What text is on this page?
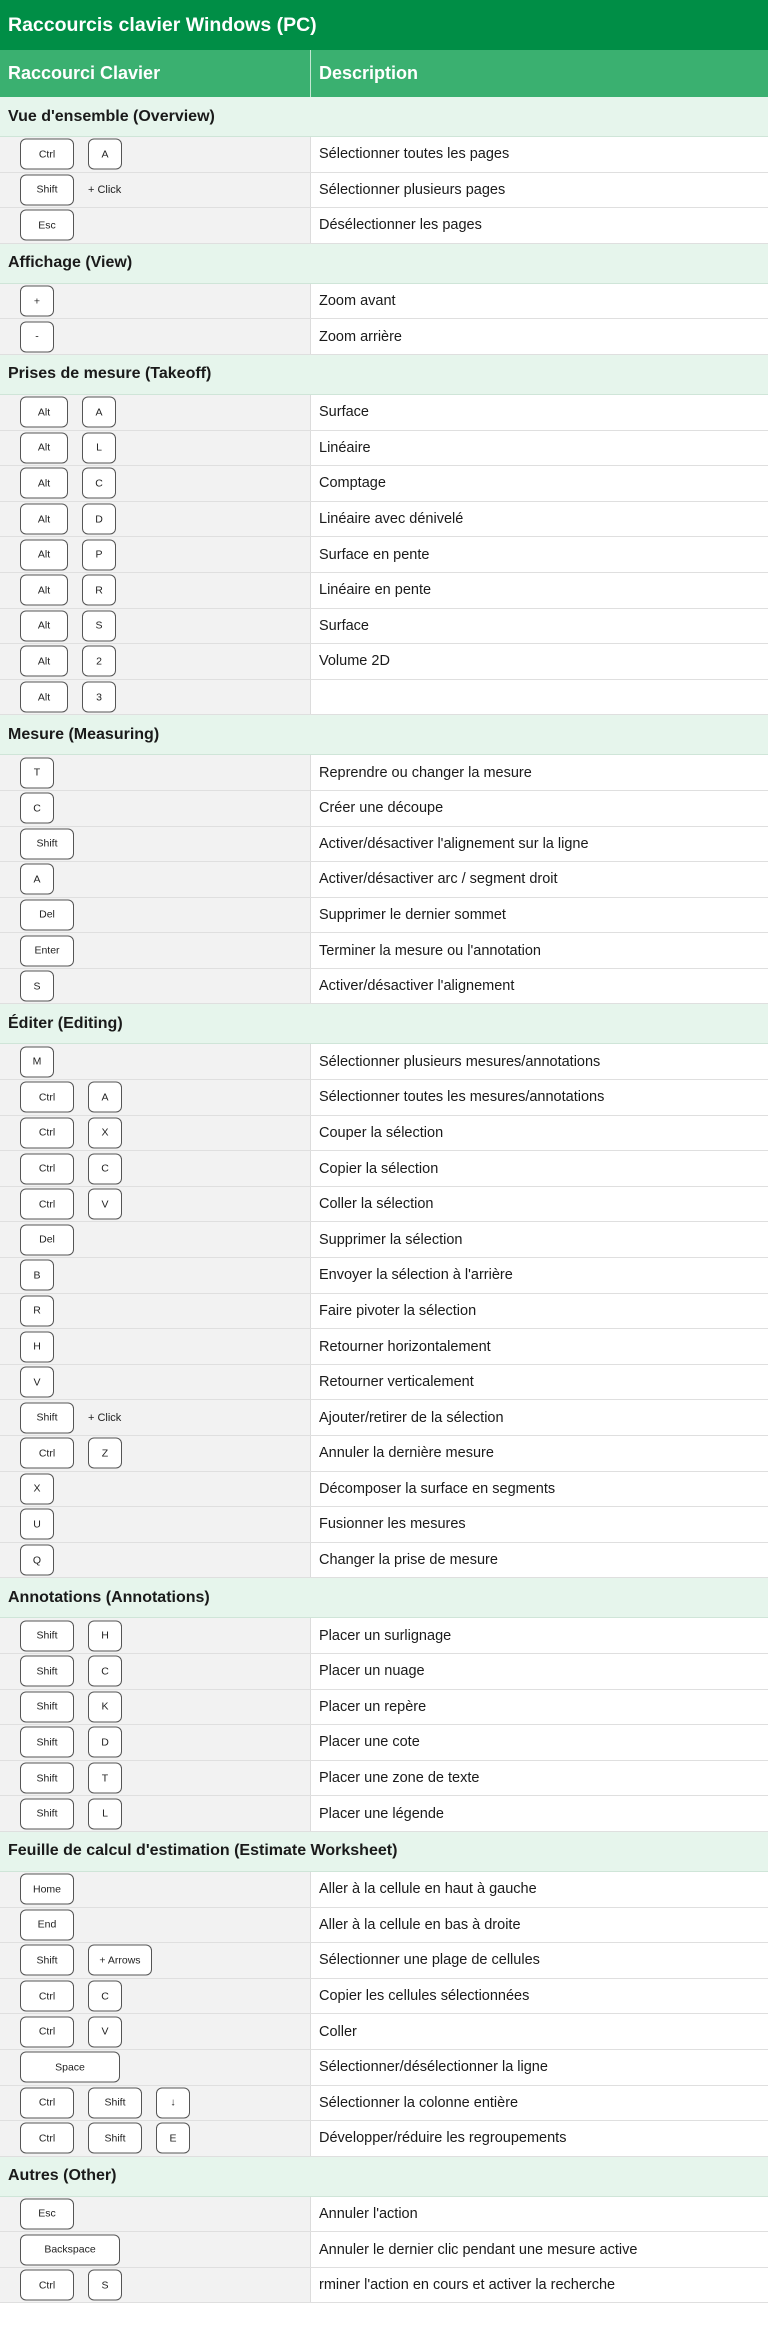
Raccourcis clavier Windows (PC)
Raccourci Clavier	Description
Vue d'ensemble (Overview)
Ctrl	A	Sélectionner toutes les pages
Shift	+ Click	Sélectionner plusieurs pages
Esc	Désélectionner les pages
Affichage (View)
+	Zoom avant
-	Zoom arrière
Prises de mesure (Takeoff)
Alt	A	Surface
Alt	L	Linéaire
Alt	C	Comptage
Alt	D	Linéaire avec dénivelé
Alt	P	Surface en pente
Alt	R	Linéaire en pente
Alt	S	Surface
Alt	2	Volume 2D
Alt	3
Mesure (Measuring)
T	Reprendre ou changer la mesure
C	Créer une découpe
Shift	Activer/désactiver l'alignement sur la ligne
A	Activer/désactiver arc / segment droit
Del	Supprimer le dernier sommet
Enter	Terminer la mesure ou l'annotation
S	Activer/désactiver l'alignement
Éditer (Editing)
M	Sélectionner plusieurs mesures/annotations
Ctrl	A	Sélectionner toutes les mesures/annotations
Ctrl	X	Couper la sélection
Ctrl	C	Copier la sélection
Ctrl	V	Coller la sélection
Del	Supprimer la sélection
B	Envoyer la sélection à l'arrière
R	Faire pivoter la sélection
H	Retourner horizontalement
V	Retourner verticalement
Shift	+ Click	Ajouter/retirer de la sélection
Ctrl	Z	Annuler la dernière mesure
X	Décomposer la surface en segments
U	Fusionner les mesures
Q	Changer la prise de mesure
Annotations (Annotations)
Shift	H	Placer un surlignage
Shift	C	Placer un nuage
Shift	K	Placer un repère
Shift	D	Placer une cote
Shift	T	Placer une zone de texte
Shift	L	Placer une légende
Feuille de calcul d'estimation (Estimate Worksheet)
Home	Aller à la cellule en haut à gauche
End	Aller à la cellule en bas à droite
Shift	+ Arrows	Sélectionner une plage de cellules
Ctrl	C	Copier les cellules sélectionnées
Ctrl	V	Coller
Space	Sélectionner/désélectionner la ligne
Ctrl	Shift	↓	Sélectionner la colonne entière
Ctrl	Shift	E	Développer/réduire les regroupements
Autres (Other)
Esc	Annuler l'action
Backspace	Annuler le dernier clic pendant une mesure active
Ctrl	S	rminer l'action en cours et activer la recherche
